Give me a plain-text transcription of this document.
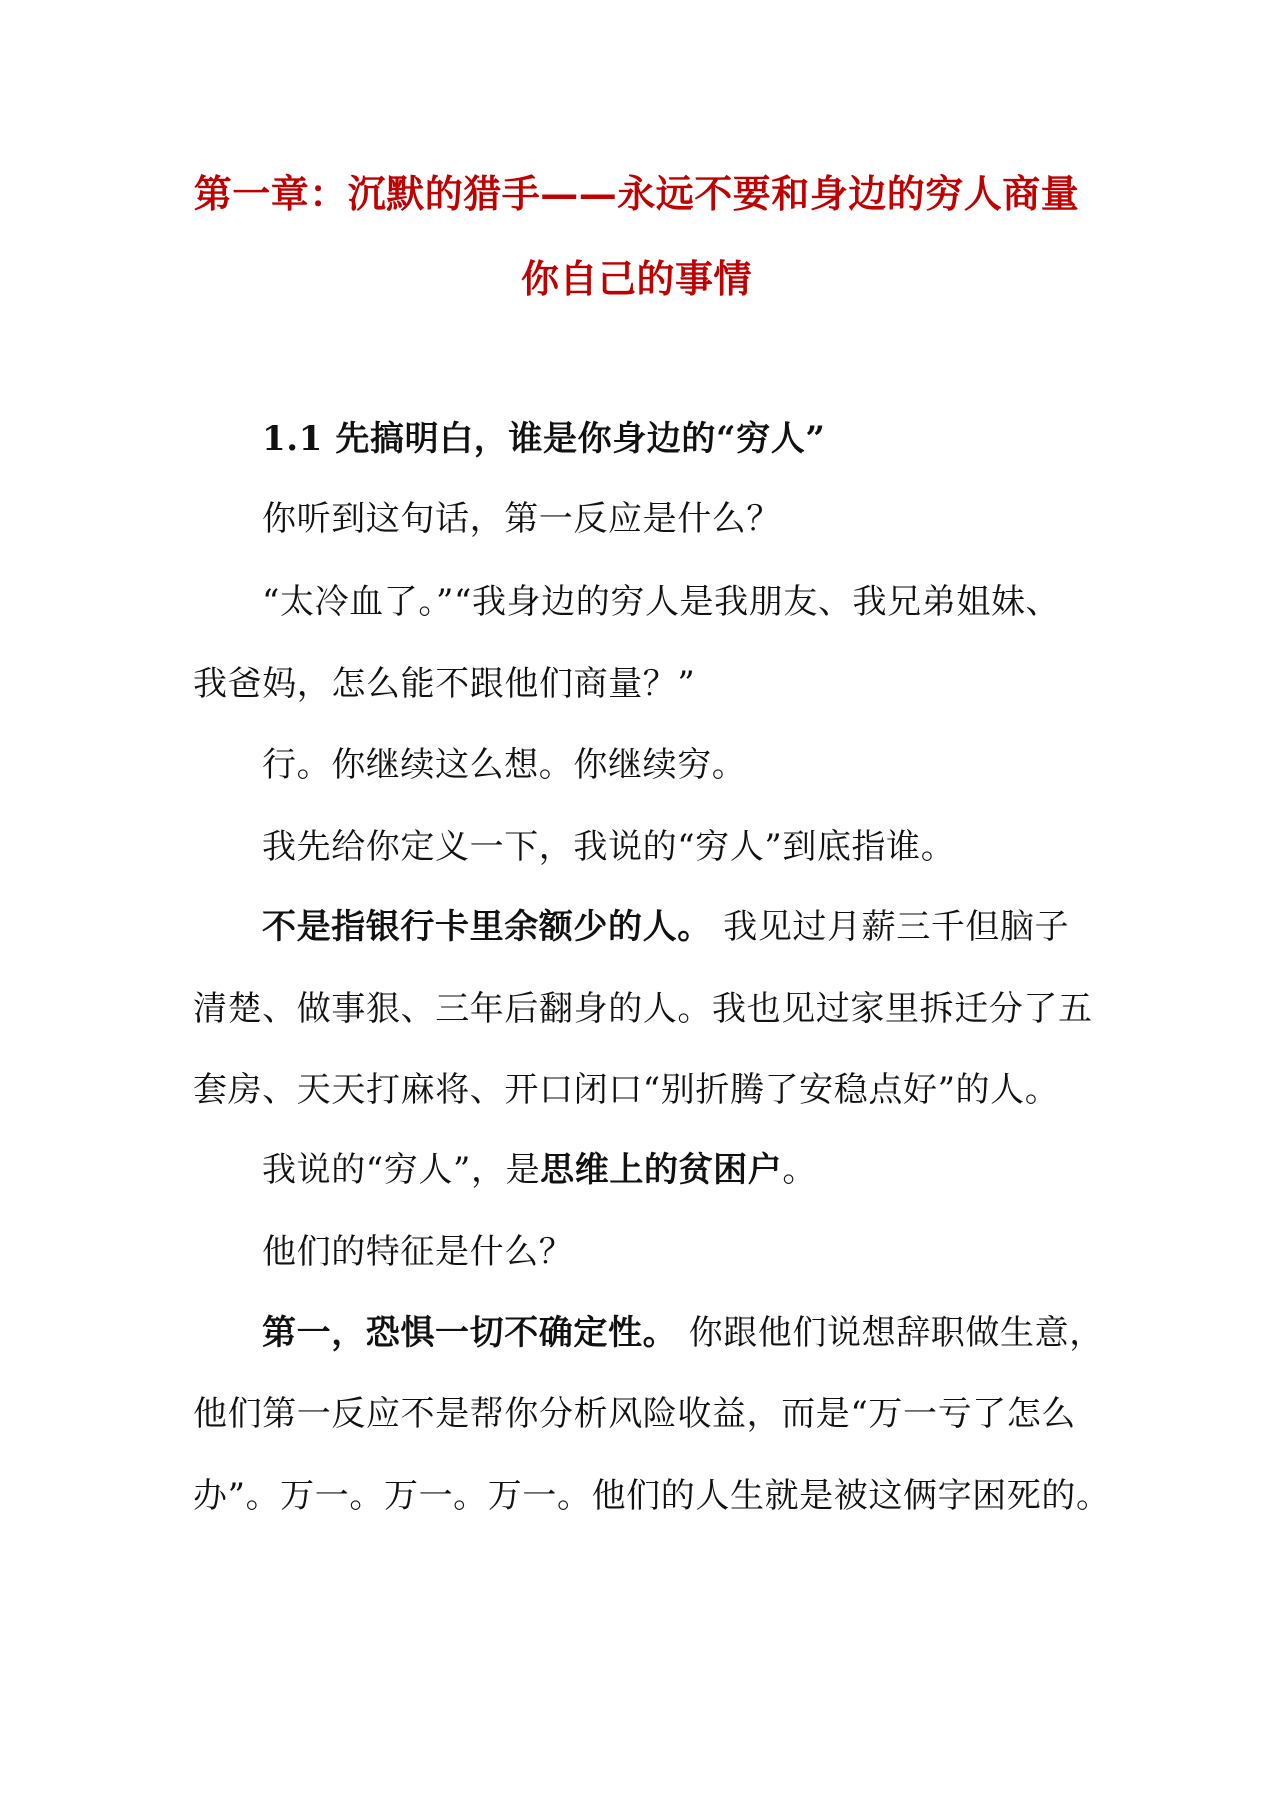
第一章：沉默的猎手——永远不要和身边的穷人商量
你自己的事情
1.1 先搞明白，谁是你身边的“穷人”
你听到这句话，第一反应是什么？
“太冷血了。”“我身边的穷人是我朋友、我兄弟姐妹、
我爸妈，怎么能不跟他们商量？”
行。你继续这么想。你继续穷。
我先给你定义一下，我说的“穷人”到底指谁。
不是指银行卡里余额少的人。 我见过月薪三千但脑子
清楚、做事狠、三年后翻身的人。我也见过家里拆迁分了五
套房、天天打麻将、开口闭口“别折腾了安稳点好”的人。
我说的“穷人”，是思维上的贫困户。
他们的特征是什么？
第一，恐惧一切不确定性。 你跟他们说想辞职做生意，
他们第一反应不是帮你分析风险收益，而是“万一亏了怎么
办”。万一。万一。万一。他们的人生就是被这俩字困死的。
